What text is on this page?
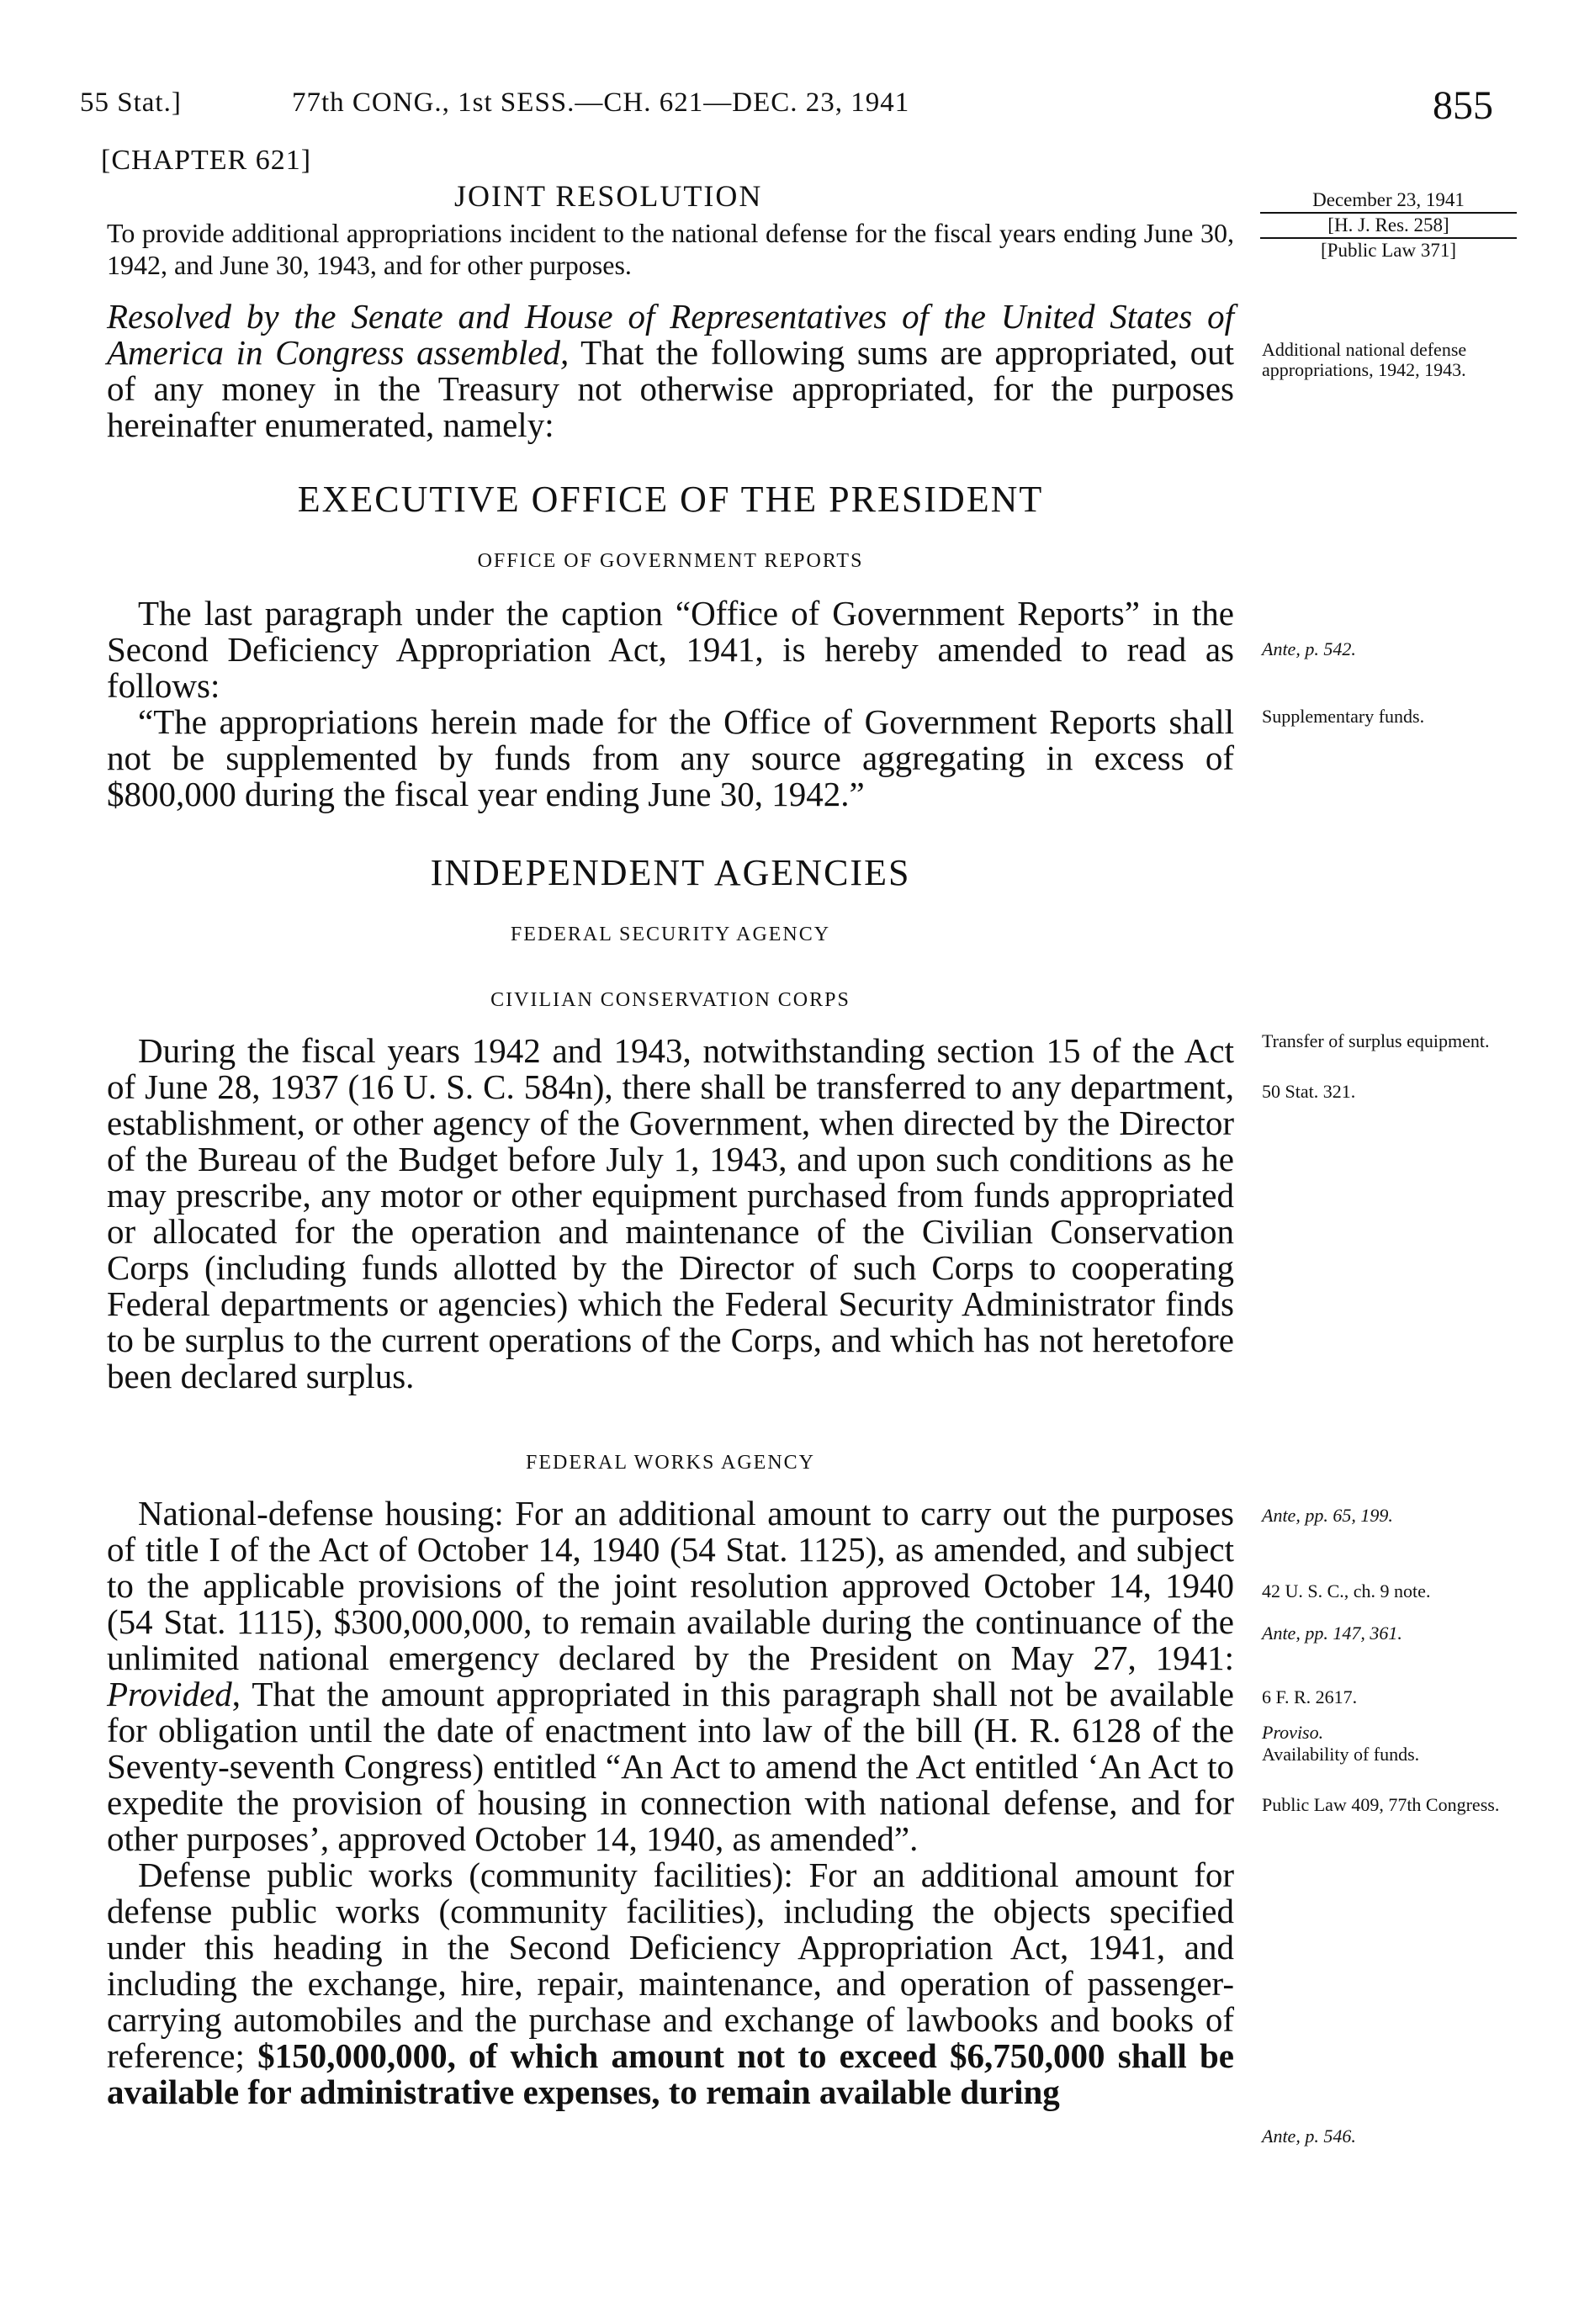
55 Stat.]	77th CONG., 1st SESS.—CH. 621—DEC. 23, 1941	855
[CHAPTER 621]
JOINT RESOLUTION
To provide additional appropriations incident to the national defense for the fiscal years ending June 30, 1942, and June 30, 1943, and for other purposes.
December 23, 1941
[H. J. Res. 258]
[Public Law 371]

Resolved by the Senate and House of Representatives of the United States of America in Congress assembled, That the following sums are appropriated, out of any money in the Treasury not otherwise appropriated, for the purposes hereinafter enumerated, namely:

Additional national defense appropriations, 1942, 1943.
EXECUTIVE OFFICE OF THE PRESIDENT
OFFICE OF GOVERNMENT REPORTS

The last paragraph under the caption “Office of Government Reports” in the Second Deficiency Appropriation Act, 1941, is hereby amended to read as follows:

“The appropriations herein made for the Office of Government Reports shall not be supplemented by funds from any source aggregating in excess of $800,000 during the fiscal year ending June 30, 1942.”

Ante, p. 542.
Supplementary funds.
INDEPENDENT AGENCIES
FEDERAL SECURITY AGENCY
CIVILIAN CONSERVATION CORPS

During the fiscal years 1942 and 1943, notwithstanding section 15 of the Act of June 28, 1937 (16 U. S. C. 584n), there shall be transferred to any department, establishment, or other agency of the Government, when directed by the Director of the Bureau of the Budget before July 1, 1943, and upon such conditions as he may prescribe, any motor or other equipment purchased from funds appropriated or allocated for the operation and maintenance of the Civilian Conservation Corps (including funds allotted by the Director of such Corps to cooperating Federal departments or agencies) which the Federal Security Administrator finds to be surplus to the current operations of the Corps, and which has not heretofore been declared surplus.

Transfer of surplus equipment.
50 Stat. 321.
FEDERAL WORKS AGENCY

National-defense housing: For an additional amount to carry out the purposes of title I of the Act of October 14, 1940 (54 Stat. 1125), as amended, and subject to the applicable provisions of the joint resolution approved October 14, 1940 (54 Stat. 1115), $300,000,000, to remain available during the continuance of the unlimited national emergency declared by the President on May 27, 1941: Provided, That the amount appropriated in this paragraph shall not be available for obligation until the date of enactment into law of the bill (H. R. 6128 of the Seventy-seventh Congress) entitled “An Act to amend the Act entitled ‘An Act to expedite the provision of housing in connection with national defense, and for other purposes’, approved October 14, 1940, as amended”.

Defense public works (community facilities): For an additional amount for defense public works (community facilities), including the objects specified under this heading in the Second Deficiency Appropriation Act, 1941, and including the exchange, hire, repair, maintenance, and operation of passenger-carrying automobiles and the purchase and exchange of lawbooks and books of reference; $150,000,000, of which amount not to exceed $6,750,000 shall be available for administrative expenses, to remain available during

Ante, pp. 65, 199.
42 U. S. C., ch. 9 note.
Ante, pp. 147, 361.
6 F. R. 2617.
Proviso.
Availability of funds.
Public Law 409, 77th Congress.
Ante, p. 546.
